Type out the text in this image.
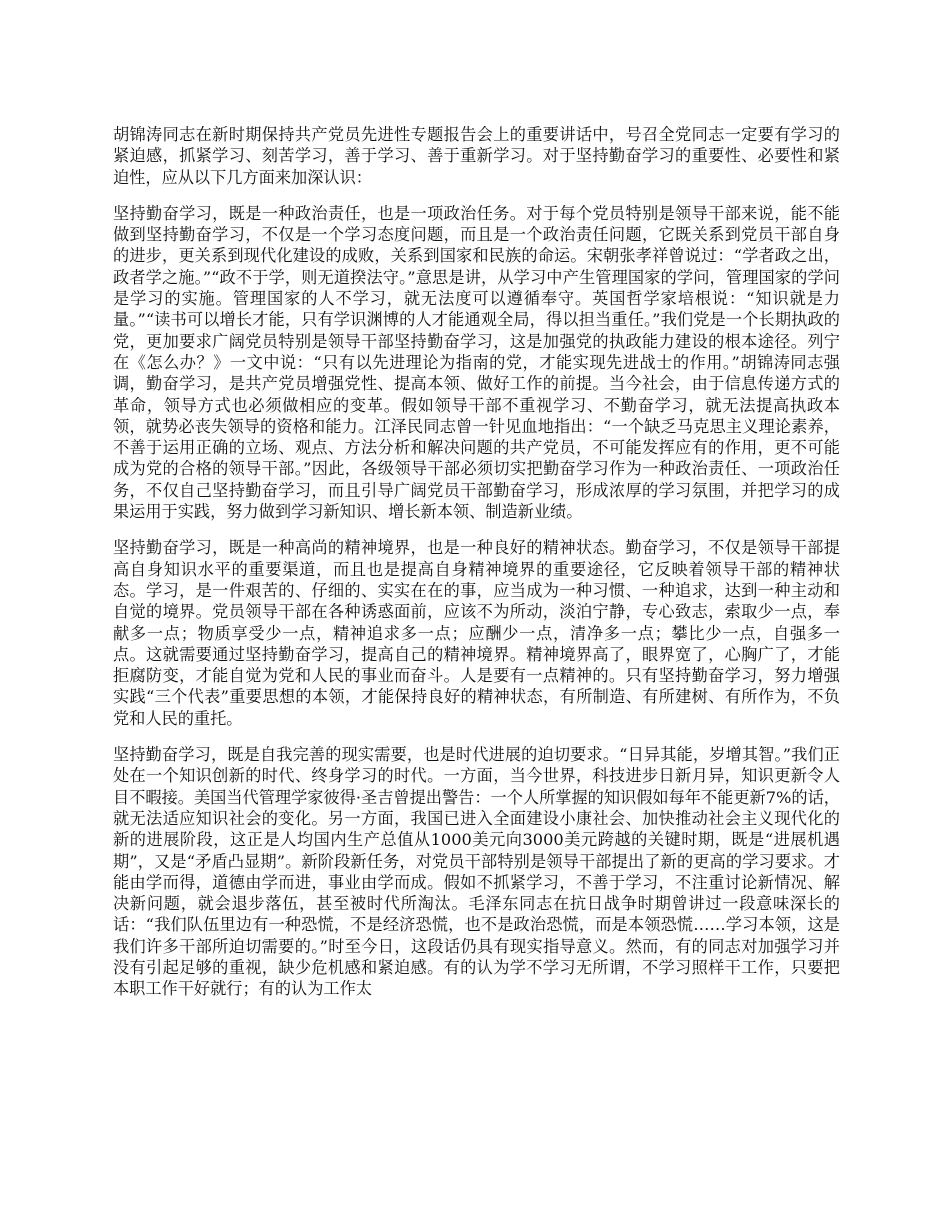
胡锦涛同志在新时期保持共产党员先进性专题报告会上的重要讲话中，号召全党同志一定要有学习的紧迫感，抓紧学习、刻苦学习，善于学习、善于重新学习。对于坚持勤奋学习的重要性、必要性和紧迫性，应从以下几方面来加深认识：

坚持勤奋学习，既是一种政治责任，也是一项政治任务。对于每个党员特别是领导干部来说，能不能做到坚持勤奋学习，不仅是一个学习态度问题，而且是一个政治责任问题，它既关系到党员干部自身的进步，更关系到现代化建设的成败，关系到国家和民族的命运。宋朝张孝祥曾说过：“学者政之出，政者学之施。”“政不于学，则无道揆法守。”意思是讲，从学习中产生管理国家的学问，管理国家的学问是学习的实施。管理国家的人不学习，就无法度可以遵循奉守。英国哲学家培根说：“知识就是力量。”“读书可以增长才能，只有学识渊博的人才能通观全局，得以担当重任。”我们党是一个长期执政的党，更加要求广阔党员特别是领导干部坚持勤奋学习，这是加强党的执政能力建设的根本途径。列宁在《怎么办？》一文中说：“只有以先进理论为指南的党，才能实现先进战士的作用。”胡锦涛同志强调，勤奋学习，是共产党员增强党性、提高本领、做好工作的前提。当今社会，由于信息传递方式的革命，领导方式也必须做相应的变革。假如领导干部不重视学习、不勤奋学习，就无法提高执政本领，就势必丧失领导的资格和能力。江泽民同志曾一针见血地指出：“一个缺乏马克思主义理论素养，不善于运用正确的立场、观点、方法分析和解决问题的共产党员，不可能发挥应有的作用，更不可能成为党的合格的领导干部。”因此，各级领导干部必须切实把勤奋学习作为一种政治责任、一项政治任务，不仅自己坚持勤奋学习，而且引导广阔党员干部勤奋学习，形成浓厚的学习氛围，并把学习的成果运用于实践，努力做到学习新知识、增长新本领、制造新业绩。

坚持勤奋学习，既是一种高尚的精神境界，也是一种良好的精神状态。勤奋学习，不仅是领导干部提高自身知识水平的重要渠道，而且也是提高自身精神境界的重要途径，它反映着领导干部的精神状态。学习，是一件艰苦的、仔细的、实实在在的事，应当成为一种习惯、一种追求，达到一种主动和自觉的境界。党员领导干部在各种诱惑面前，应该不为所动，淡泊宁静，专心致志，索取少一点，奉献多一点；物质享受少一点，精神追求多一点；应酬少一点，清净多一点；攀比少一点，自强多一点。这就需要通过坚持勤奋学习，提高自己的精神境界。精神境界高了，眼界宽了，心胸广了，才能拒腐防变，才能自觉为党和人民的事业而奋斗。人是要有一点精神的。只有坚持勤奋学习，努力增强实践“三个代表”重要思想的本领，才能保持良好的精神状态，有所制造、有所建树、有所作为，不负党和人民的重托。

坚持勤奋学习，既是自我完善的现实需要，也是时代进展的迫切要求。“日异其能，岁增其智。”我们正处在一个知识创新的时代、终身学习的时代。一方面，当今世界，科技进步日新月异，知识更新令人目不暇接。美国当代管理学家彼得·圣吉曾提出警告：一个人所掌握的知识假如每年不能更新7%的话，就无法适应知识社会的变化。另一方面，我国已进入全面建设小康社会、加快推动社会主义现代化的新的进展阶段，这正是人均国内生产总值从1000美元向3000美元跨越的关键时期，既是“进展机遇期”，又是“矛盾凸显期”。新阶段新任务，对党员干部特别是领导干部提出了新的更高的学习要求。才能由学而得，道德由学而进，事业由学而成。假如不抓紧学习，不善于学习，不注重讨论新情况、解决新问题，就会退步落伍，甚至被时代所淘汰。毛泽东同志在抗日战争时期曾讲过一段意味深长的话：“我们队伍里边有一种恐慌，不是经济恐慌，也不是政治恐慌，而是本领恐慌……学习本领，这是我们许多干部所迫切需要的。”时至今日，这段话仍具有现实指导意义。然而，有的同志对加强学习并没有引起足够的重视，缺少危机感和紧迫感。有的认为学不学习无所谓，不学习照样干工作，只要把本职工作干好就行；有的认为工作太
